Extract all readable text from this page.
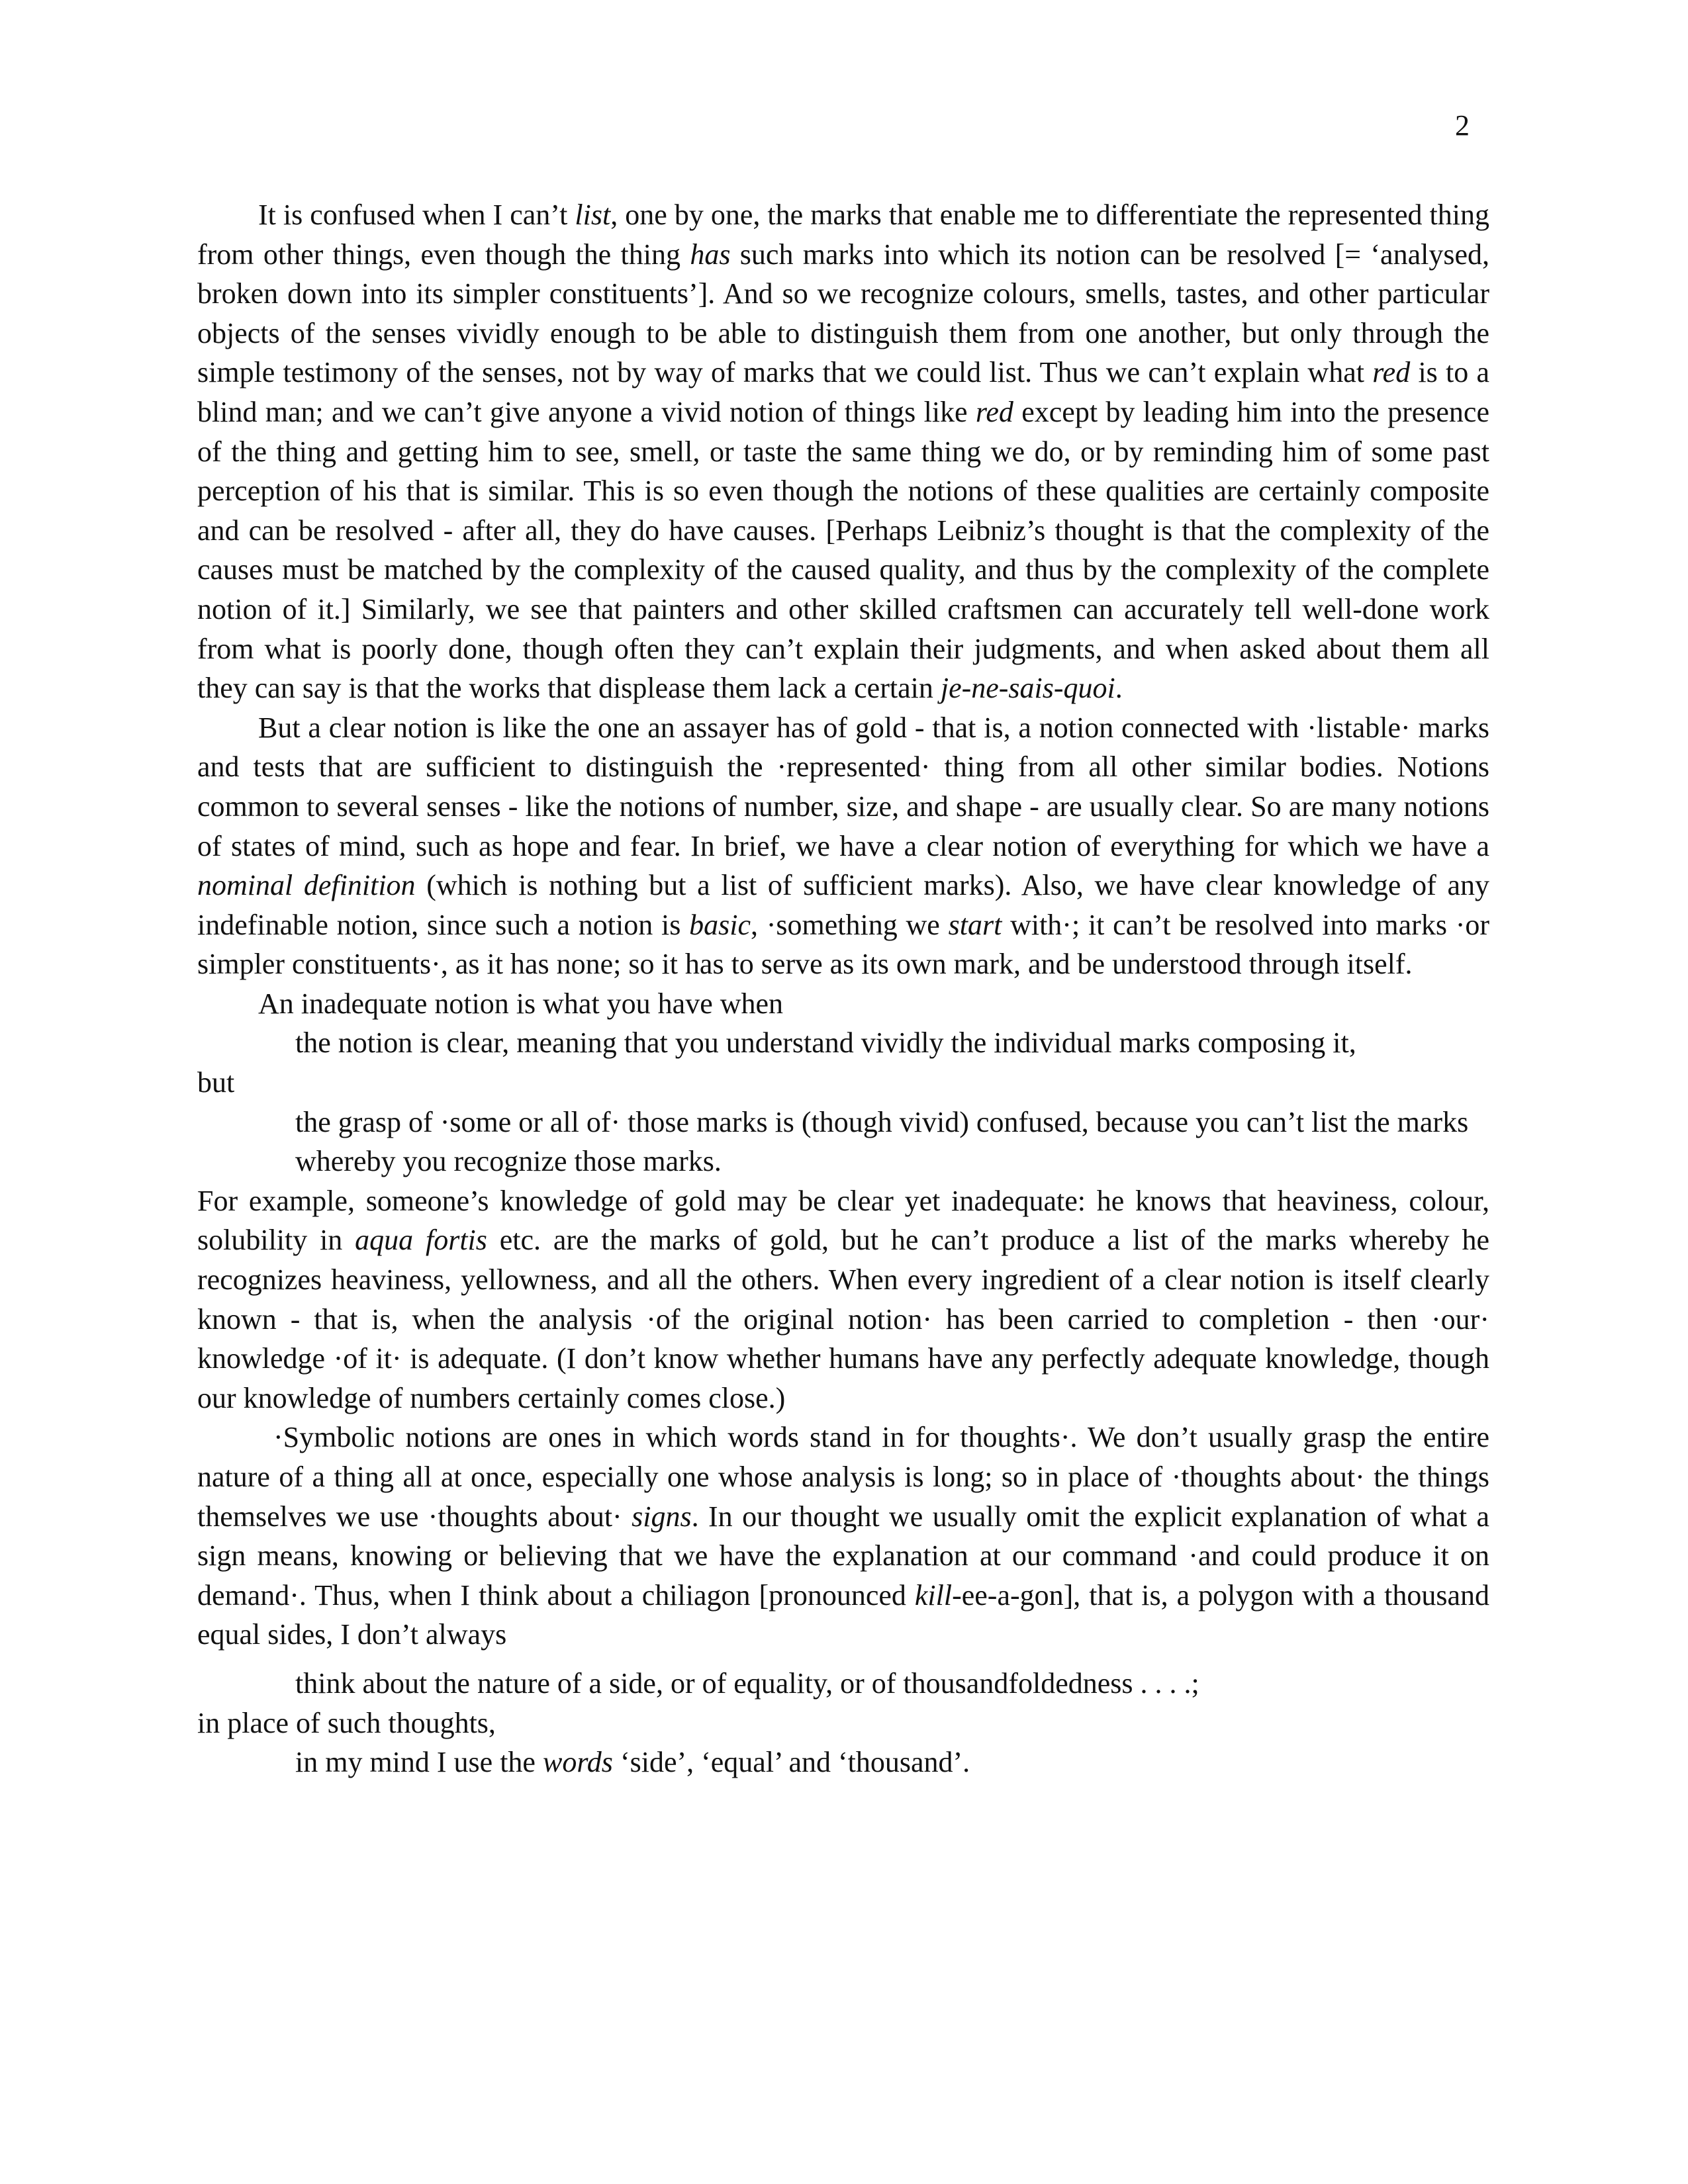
2

It is confused when I can’t list, one by one, the marks that enable me to differentiate the represented thing from other things, even though the thing has such marks into which its notion can be resolved [= ‘analysed, broken down into its simpler constituents’]. And so we recognize colours, smells, tastes, and other particular objects of the senses vividly enough to be able to distinguish them from one another, but only through the simple testimony of the senses, not by way of marks that we could list. Thus we can’t explain what red is to a blind man; and we can’t give anyone a vivid notion of things like red except by leading him into the presence of the thing and getting him to see, smell, or taste the same thing we do, or by reminding him of some past perception of his that is similar. This is so even though the notions of these qualities are certainly composite and can be resolved - after all, they do have causes. [Perhaps Leibniz’s thought is that the complexity of the causes must be matched by the complexity of the caused quality, and thus by the complexity of the complete notion of it.] Similarly, we see that painters and other skilled craftsmen can accurately tell well-done work from what is poorly done, though often they can’t explain their judgments, and when asked about them all they can say is that the works that displease them lack a certain je-ne-sais-quoi.

But a clear notion is like the one an assayer has of gold - that is, a notion connected with ·listable· marks and tests that are sufficient to distinguish the ·represented· thing from all other similar bodies. Notions common to several senses - like the notions of number, size, and shape - are usually clear. So are many notions of states of mind, such as hope and fear. In brief, we have a clear notion of everything for which we have a nominal definition (which is nothing but a list of sufficient marks). Also, we have clear knowledge of any indefinable notion, since such a notion is basic, ·something we start with·; it can’t be resolved into marks ·or simpler constituents·, as it has none; so it has to serve as its own mark, and be understood through itself.

An inadequate notion is what you have when

the notion is clear, meaning that you understand vividly the individual marks composing it,

but

the grasp of ·some or all of· those marks is (though vivid) confused, because you can’t list the marks whereby you recognize those marks.

For example, someone’s knowledge of gold may be clear yet inadequate: he knows that heaviness, colour, solubility in aqua fortis etc. are the marks of gold, but he can’t produce a list of the marks whereby he recognizes heaviness, yellowness, and all the others. When every ingredient of a clear notion is itself clearly known - that is, when the analysis ·of the original notion· has been carried to completion - then ·our· knowledge ·of it· is adequate. (I don’t know whether humans have any perfectly adequate knowledge, though our knowledge of numbers certainly comes close.)

·Symbolic notions are ones in which words stand in for thoughts·. We don’t usually grasp the entire nature of a thing all at once, especially one whose analysis is long; so in place of ·thoughts about· the things themselves we use ·thoughts about· signs. In our thought we usually omit the explicit explanation of what a sign means, knowing or believing that we have the explanation at our command ·and could produce it on demand·. Thus, when I think about a chiliagon [pronounced kill-ee-a-gon], that is, a polygon with a thousand equal sides, I don’t always

think about the nature of a side, or of equality, or of thousandfoldedness . . . .;

in place of such thoughts,

in my mind I use the words ‘side’, ‘equal’ and ‘thousand’.
